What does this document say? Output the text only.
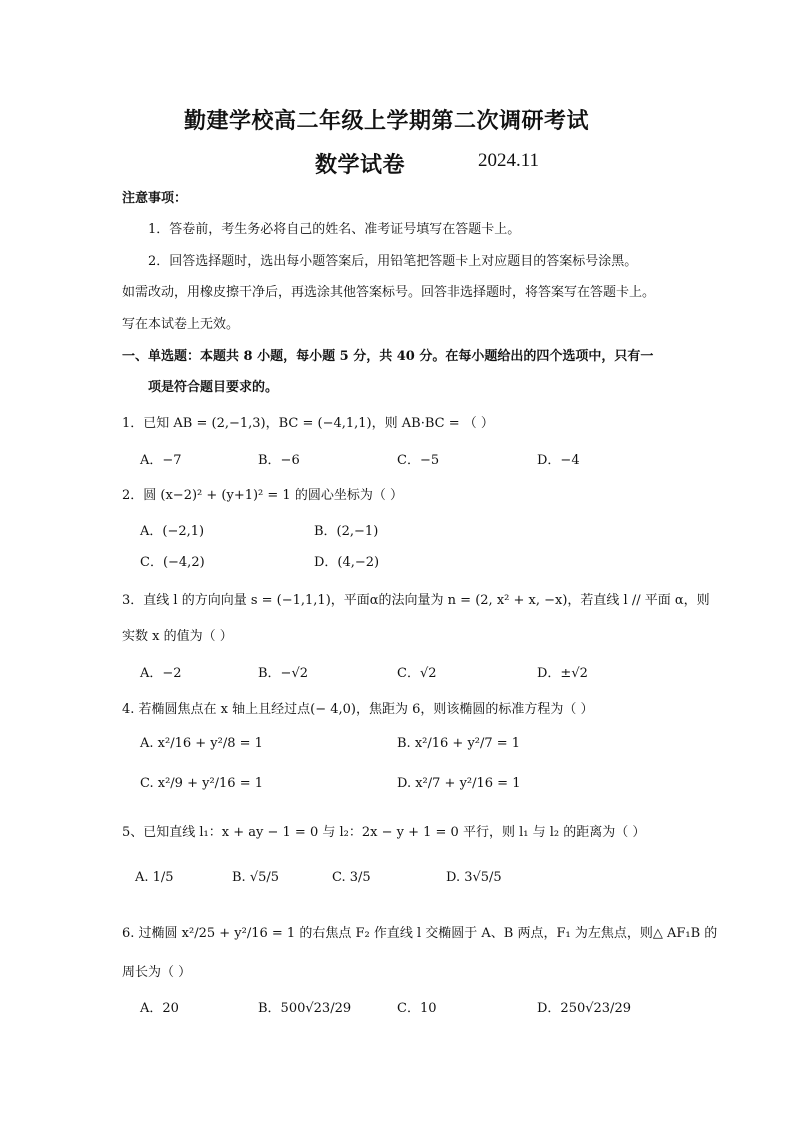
勤建学校高二年级上学期第二次调研考试
数学试卷	2024.11
注意事项：
1．答卷前，考生务必将自己的姓名、准考证号填写在答题卡上。
2．回答选择题时，选出每小题答案后，用铅笔把答题卡上对应题目的答案标号涂黑。
如需改动，用橡皮擦干净后，再选涂其他答案标号。回答非选择题时，将答案写在答题卡上。
写在本试卷上无效。
一、单选题：本题共 8 小题，每小题 5 分，共 40 分。在每小题给出的四个选项中，只有一
项是符合题目要求的。
1．已知 AB = (2,−1,3)，BC = (−4,1,1)，则 AB·BC = （ ）
A．−7	B．−6	C．−5	D．−4
2．圆 (x−2)² + (y+1)² = 1 的圆心坐标为（ ）
A．(−2,1)	B．(2,−1)
C．(−4,2)	D．(4,−2)
3．直线 l 的方向向量 s = (−1,1,1)，平面α的法向量为 n = (2, x² + x, −x)，若直线 l // 平面 α，则
实数 x 的值为（ ）
A．−2	B．−√2	C．√2	D．±√2
4. 若椭圆焦点在 x 轴上且经过点(− 4,0)，焦距为 6，则该椭圆的标准方程为（ ）
A. x²/16 + y²/8 = 1	B. x²/16 + y²/7 = 1
C. x²/9 + y²/16 = 1	D. x²/7 + y²/16 = 1
5、已知直线 l₁：x + ay − 1 = 0 与 l₂：2x − y + 1 = 0 平行，则 l₁ 与 l₂ 的距离为（ ）
A. 1/5	B. √5/5	C. 3/5	D. 3√5/5
6. 过椭圆 x²/25 + y²/16 = 1 的右焦点 F₂ 作直线 l 交椭圆于 A、B 两点，F₁ 为左焦点，则△ AF₁B 的
周长为（ ）
A．20	B．500√23/29	C．10	D．250√23/29
